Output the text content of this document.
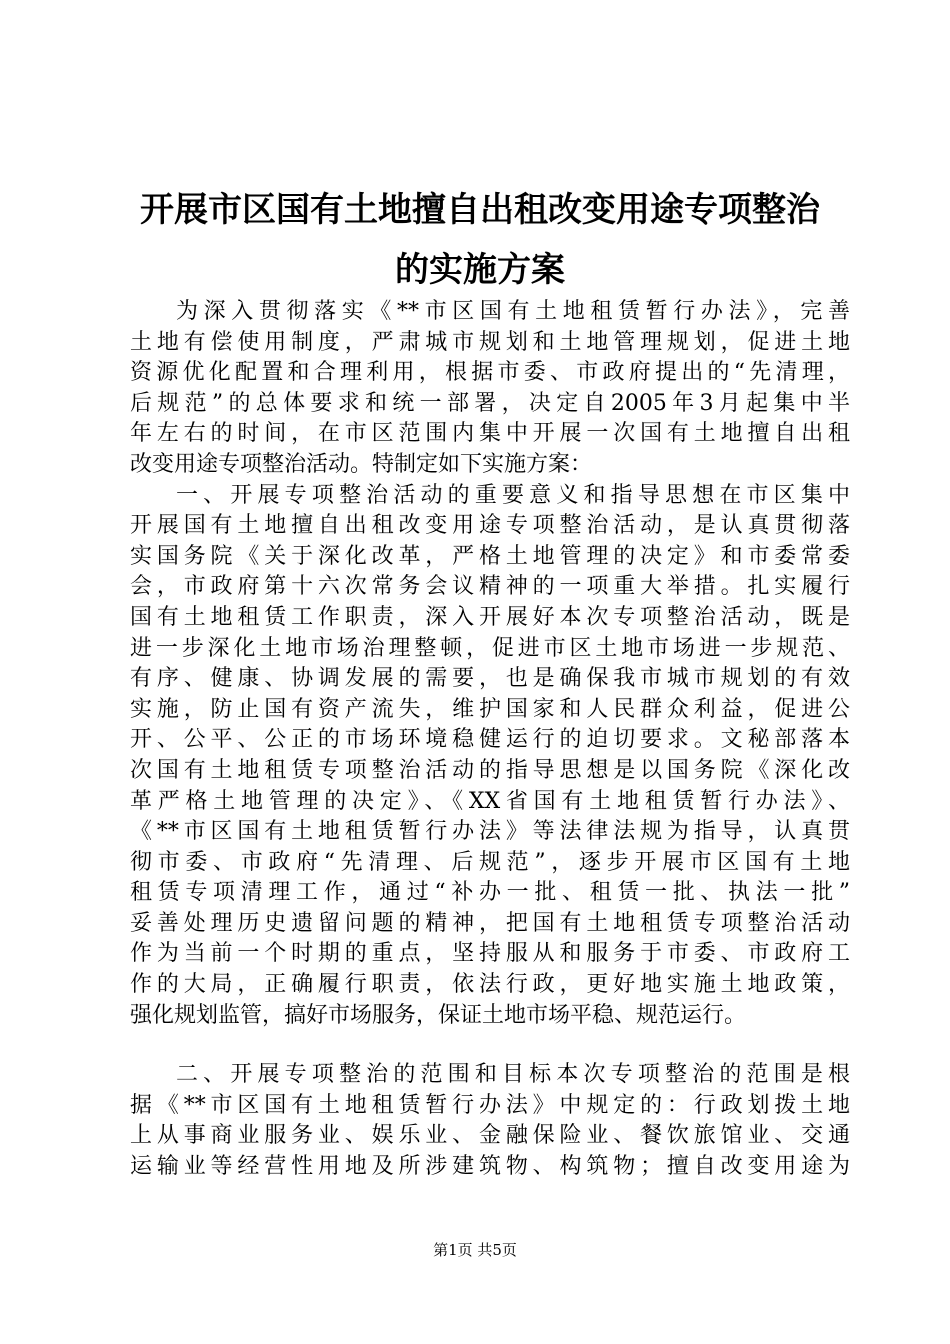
开展市区国有土地擅自出租改变用途专项整治
的实施方案
为深入贯彻落实《**市区国有土地租赁暂行办法》，完善
土地有偿使用制度，严肃城市规划和土地管理规划，促进土地
资源优化配置和合理利用，根据市委、市政府提出的“先清理，
后规范”的总体要求和统一部署，决定自2005年3月起集中半
年左右的时间，在市区范围内集中开展一次国有土地擅自出租
改变用途专项整治活动。特制定如下实施方案：
一、开展专项整治活动的重要意义和指导思想在市区集中
开展国有土地擅自出租改变用途专项整治活动，是认真贯彻落
实国务院《关于深化改革，严格土地管理的决定》和市委常委
会，市政府第十六次常务会议精神的一项重大举措。扎实履行
国有土地租赁工作职责，深入开展好本次专项整治活动，既是
进一步深化土地市场治理整顿，促进市区土地市场进一步规范、
有序、健康、协调发展的需要，也是确保我市城市规划的有效
实施，防止国有资产流失，维护国家和人民群众利益，促进公
开、公平、公正的市场环境稳健运行的迫切要求。文秘部落本
次国有土地租赁专项整治活动的指导思想是以国务院《深化改
革严格土地管理的决定》、《XX省国有土地租赁暂行办法》、
《**市区国有土地租赁暂行办法》等法律法规为指导，认真贯
彻市委、市政府“先清理、后规范”，逐步开展市区国有土地
租赁专项清理工作，通过“补办一批、租赁一批、执法一批”
妥善处理历史遗留问题的精神，把国有土地租赁专项整治活动
作为当前一个时期的重点，坚持服从和服务于市委、市政府工
作的大局，正确履行职责，依法行政，更好地实施土地政策，
强化规划监管，搞好市场服务，保证土地市场平稳、规范运行。
二、开展专项整治的范围和目标本次专项整治的范围是根
据《**市区国有土地租赁暂行办法》中规定的：行政划拨土地
上从事商业服务业、娱乐业、金融保险业、餐饮旅馆业、交通
运输业等经营性用地及所涉建筑物、构筑物；擅自改变用途为
第1页 共5页
